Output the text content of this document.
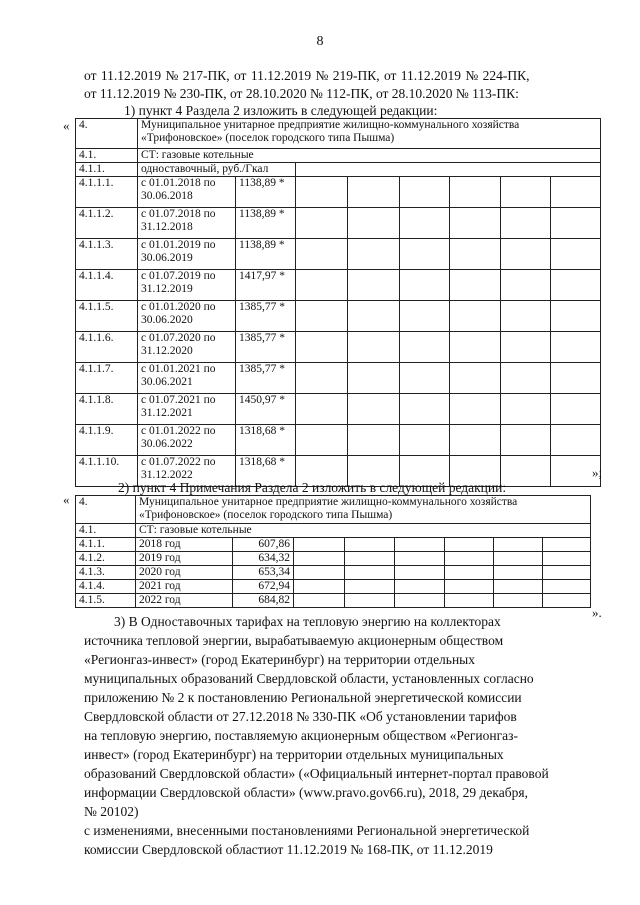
8
от 11.12.2019 № 217-ПК, от 11.12.2019 № 219-ПК, от 11.12.2019 № 224-ПК,
от 11.12.2019 № 230-ПК, от 28.10.2020 № 112-ПК, от 28.10.2020 № 113-ПК:
1) пункт 4 Раздела 2 изложить в следующей редакции:
« 4.	Муниципальное унитарное предприятие жилищно-коммунального хозяйства «Трифоновское» (поселок городского типа Пышма)							
4.1.	СТ: газовые котельные							
4.1.1.	одноставочный, руб./Гкал							
4.1.1.1.	с 01.01.2018 по 30.06.2018	1138,89 *						
4.1.1.2.	с 01.07.2018 по 31.12.2018	1138,89 *						
4.1.1.3.	с 01.01.2019 по 30.06.2019	1138,89 *						
4.1.1.4.	с 01.07.2019 по 31.12.2019	1417,97 *						
4.1.1.5.	с 01.01.2020 по 30.06.2020	1385,77 *						
4.1.1.6.	с 01.07.2020 по 31.12.2020	1385,77 *						
4.1.1.7.	с 01.01.2021 по 30.06.2021	1385,77 *						
4.1.1.8.	с 01.07.2021 по 31.12.2021	1450,97 *						
4.1.1.9.	с 01.01.2022 по 30.06.2022	1318,68 *						
4.1.1.10.	с 01.07.2022 по 31.12.2022	1318,68 *						
»;
2) пункт 4 Примечания Раздела 2 изложить в следующей редакции:
« 4.	Муниципальное унитарное предприятие жилищно-коммунального хозяйства «Трифоновское» (поселок городского типа Пышма)							
4.1.	СТ: газовые котельные							
4.1.1.	2018 год	607,86						
4.1.2.	2019 год	634,32						
4.1.3.	2020 год	653,34						
4.1.4.	2021 год	672,94						
4.1.5.	2022 год	684,82						
».
3) В Одноставочных тарифах на тепловую энергию на коллекторах
источника тепловой энергии, вырабатываемую акционерным обществом
«Регионгаз-инвест» (город Екатеринбург) на территории отдельных
муниципальных образований Свердловской области, установленных согласно
приложению № 2 к постановлению Региональной энергетической комиссии
Свердловской области от 27.12.2018 № 330-ПК «Об установлении тарифов
на тепловую энергию, поставляемую акционерным обществом «Регионгаз-
инвест» (город Екатеринбург) на территории отдельных муниципальных
образований Свердловской области» («Официальный интернет-портал правовой
информации Свердловской области» (www.pravo.gov66.ru), 2018, 29 декабря,
№ 20102)
с изменениями, внесенными постановлениями Региональной энергетической
комиссии Свердловской областиот 11.12.2019 № 168-ПК, от 11.12.2019
